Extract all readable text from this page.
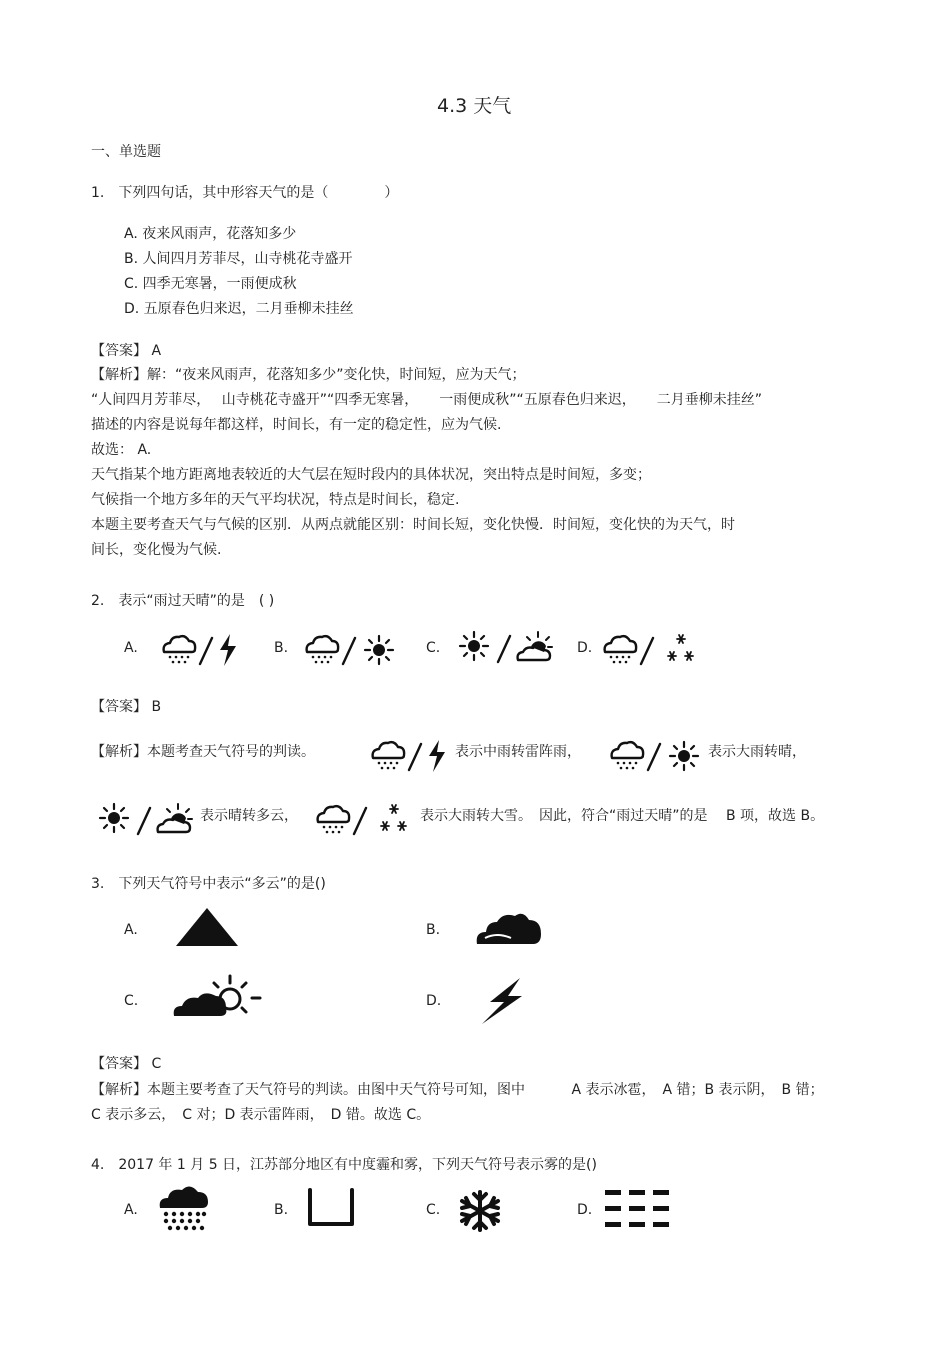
4.3 天气
一、单选题
1.　下列四句话，其中形容天气的是（　　　　）
A. 夜来风雨声，花落知多少
B. 人间四月芳菲尽，山寺桃花寺盛开
C. 四季无寒暑，一雨便成秋
D. 五原春色归来迟，二月垂柳未挂丝
【答案】 A
【解析】解：“夜来风雨声，花落知多少”变化快，时间短，应为天气；
“人间四月芳菲尽，　 山寺桃花寺盛开”“四季无寒暑，　　一雨便成秋”“五原春色归来迟，　　二月垂柳未挂丝”
描述的内容是说每年都这样，时间长，有一定的稳定性，应为气候.
故选： A.
天气指某个地方距离地表较近的大气层在短时段内的具体状况，突出特点是时间短，多变；
气候指一个地方多年的天气平均状况，特点是时间长，稳定.
本题主要考查天气与气候的区别．从两点就能区别：时间长短，变化快慢．时间短，变化快的为天气，时
间长，变化慢为气候.
2.　表示“雨过天晴”的是　( )
A.	B.	C.	D.
【答案】 B
【解析】本题考查天气符号的判读。	表示中雨转雷阵雨，	表示大雨转晴，
表示晴转多云，	表示大雨转大雪。　因此，符合“雨过天晴”的是　 B 项，故选 B。
3.　下列天气符号中表示“多云”的是()
A.	B.
C.	D.
【答案】 C
【解析】本题主要考查了天气符号的判读。由图中天气符号可知，图中　　　 A 表示冰雹，　A 错；B 表示阴，　B 错；
C 表示多云，　C 对；D 表示雷阵雨，　D 错。故选 C。
4.　2017 年 1 月 5 日，江苏部分地区有中度霾和雾，下列天气符号表示雾的是()
A.	B.	C.	D.
